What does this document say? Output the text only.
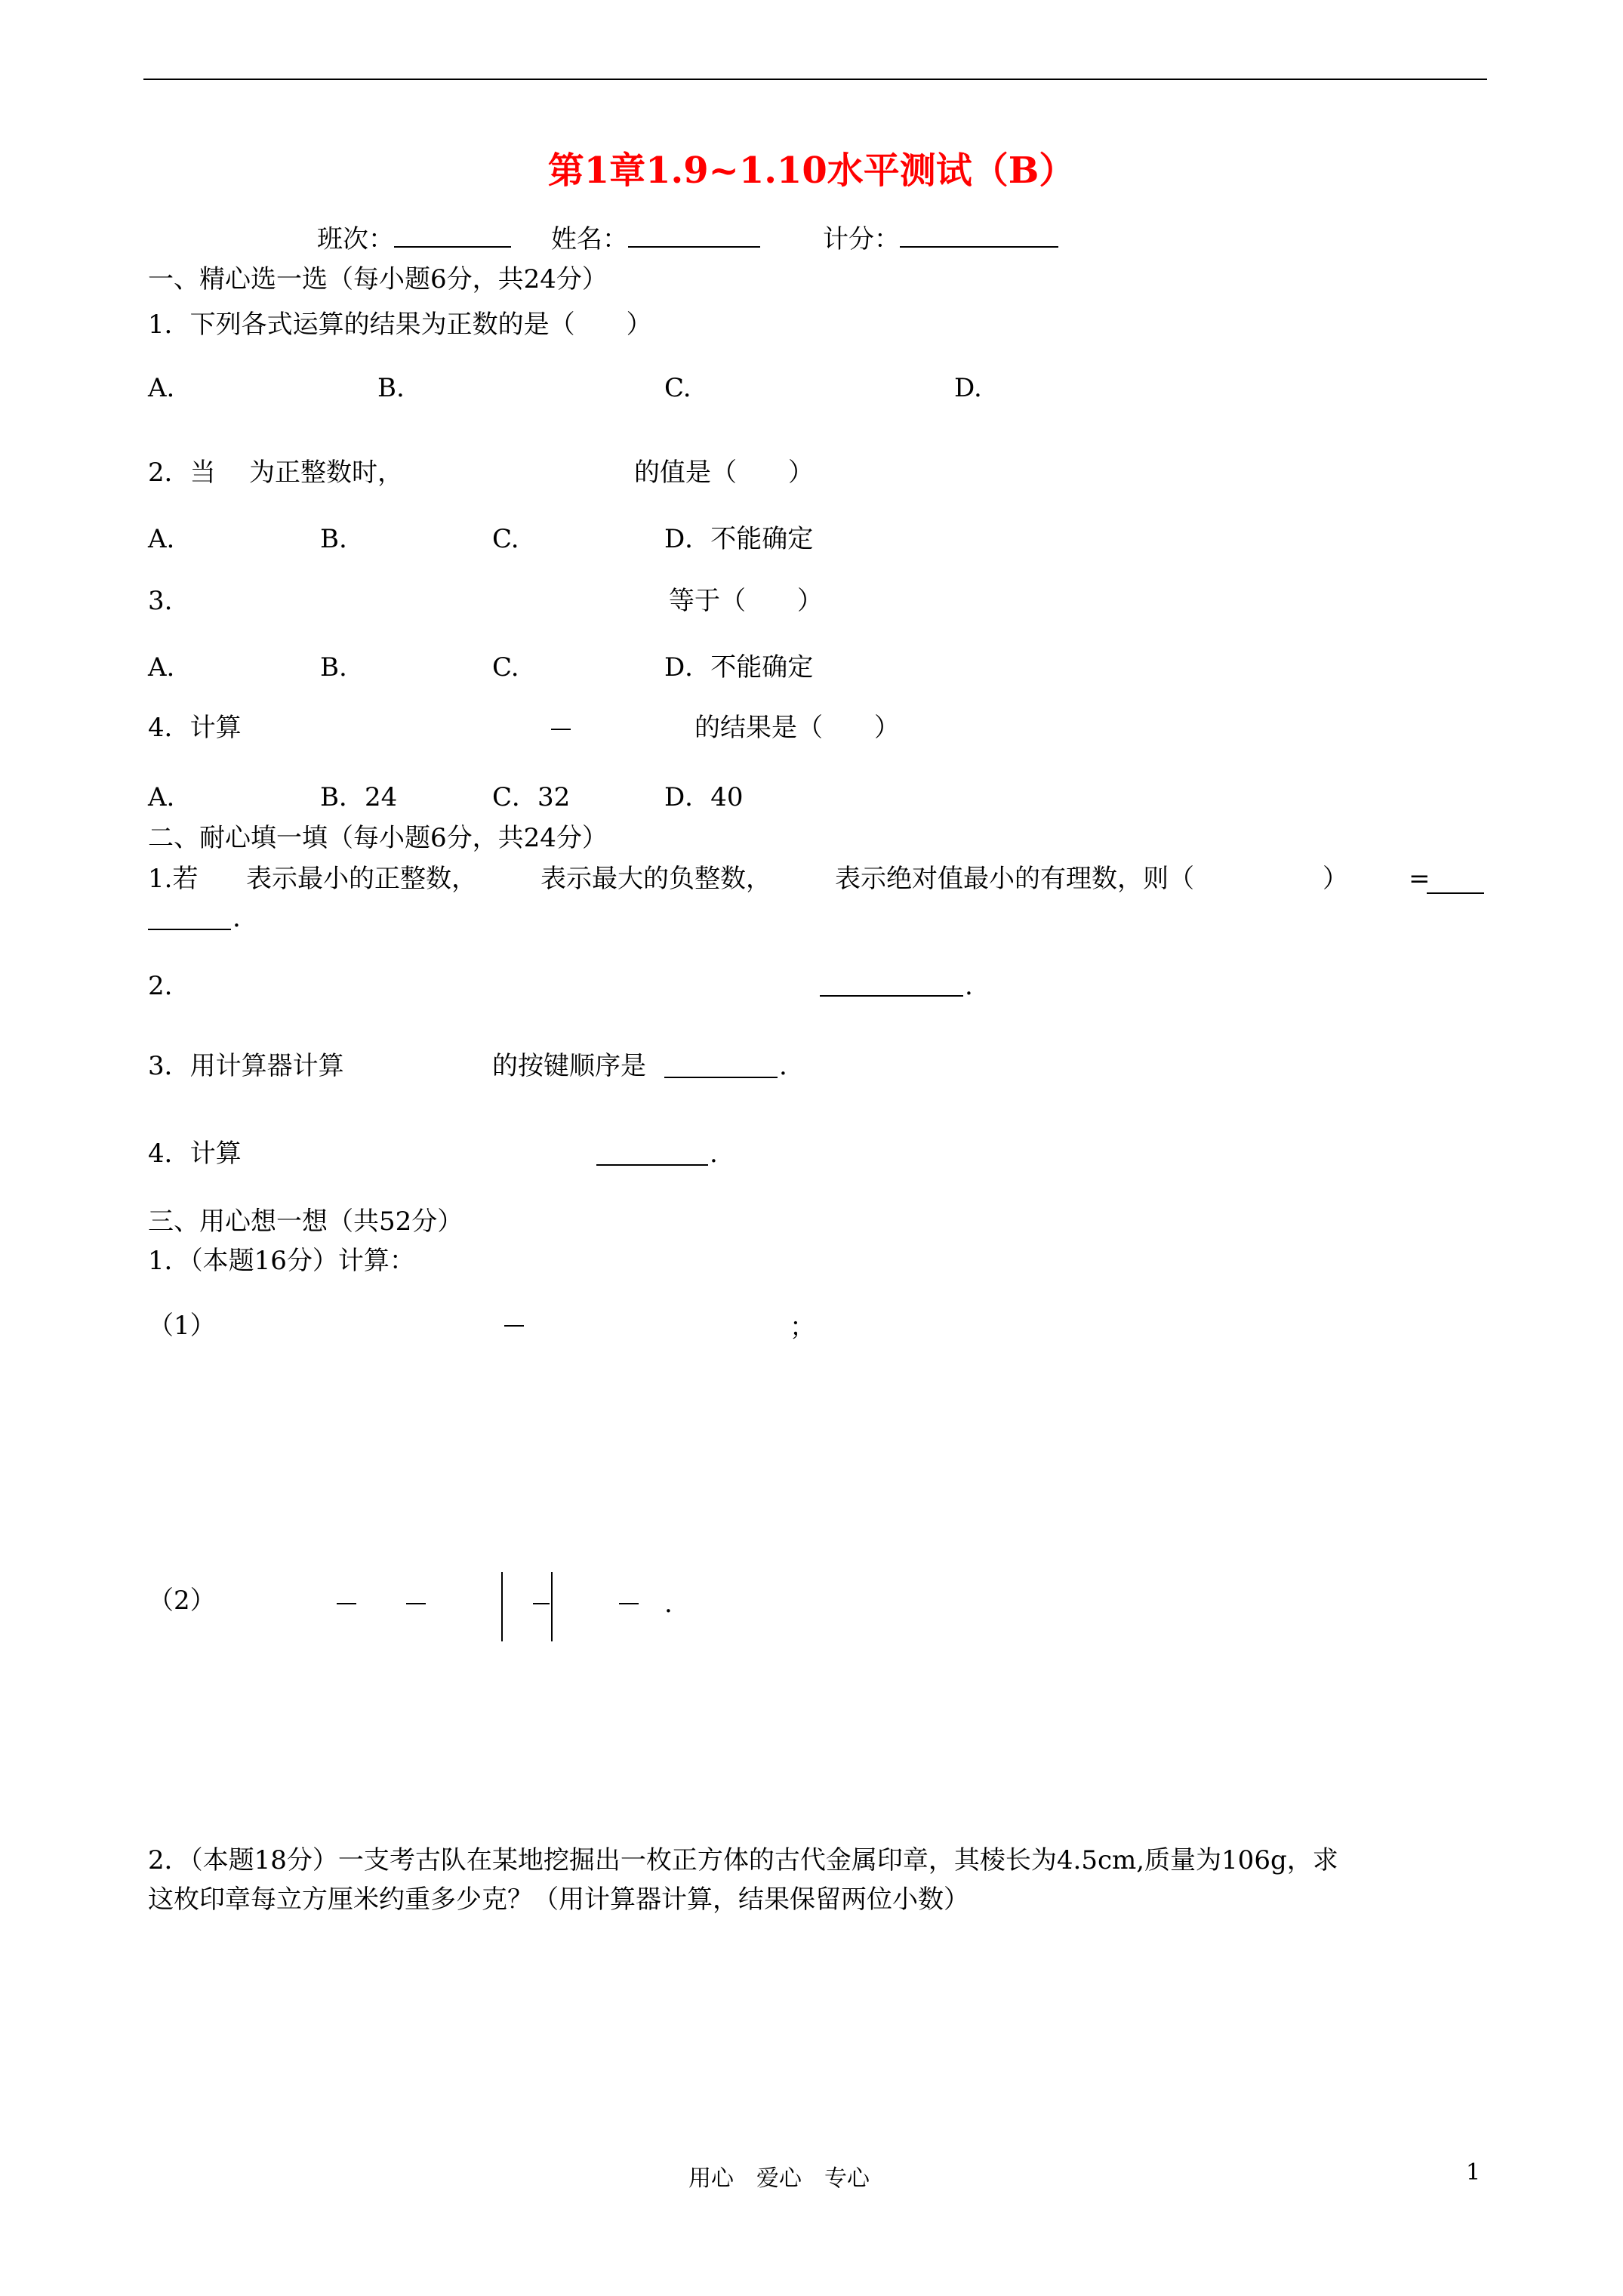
第1章1.9~1.10水平测试（B）
班次：	姓名：	计分：
一、精心选一选（每小题6分，共24分）
1．下列各式运算的结果为正数的是（　　）
A.	B.	C.	D.
2．当 为正整数时，	的值是（　　）
A.	B.	C.	D．不能确定
3.	等于（　　）
A.	B.	C.	D．不能确定
4．计算	的结果是（　　）
A.	B．24	C．32	D．40
二、耐心填一填（每小题6分，共24分）
1.若 表示最小的正整数， 表示最大的负整数， 表示绝对值最小的有理数，则（	） =
.
2.	.
3．用计算器计算	的按键顺序是	.
4．计算	.
三、用心想一想（共52分）
1．（本题16分）计算：
（1）	；
（2）	.
2．（本题18分）一支考古队在某地挖掘出一枚正方体的古代金属印章，其棱长为4.5cm,质量为106g，求
这枚印章每立方厘米约重多少克？（用计算器计算，结果保留两位小数）
用心　爱心　专心	1
